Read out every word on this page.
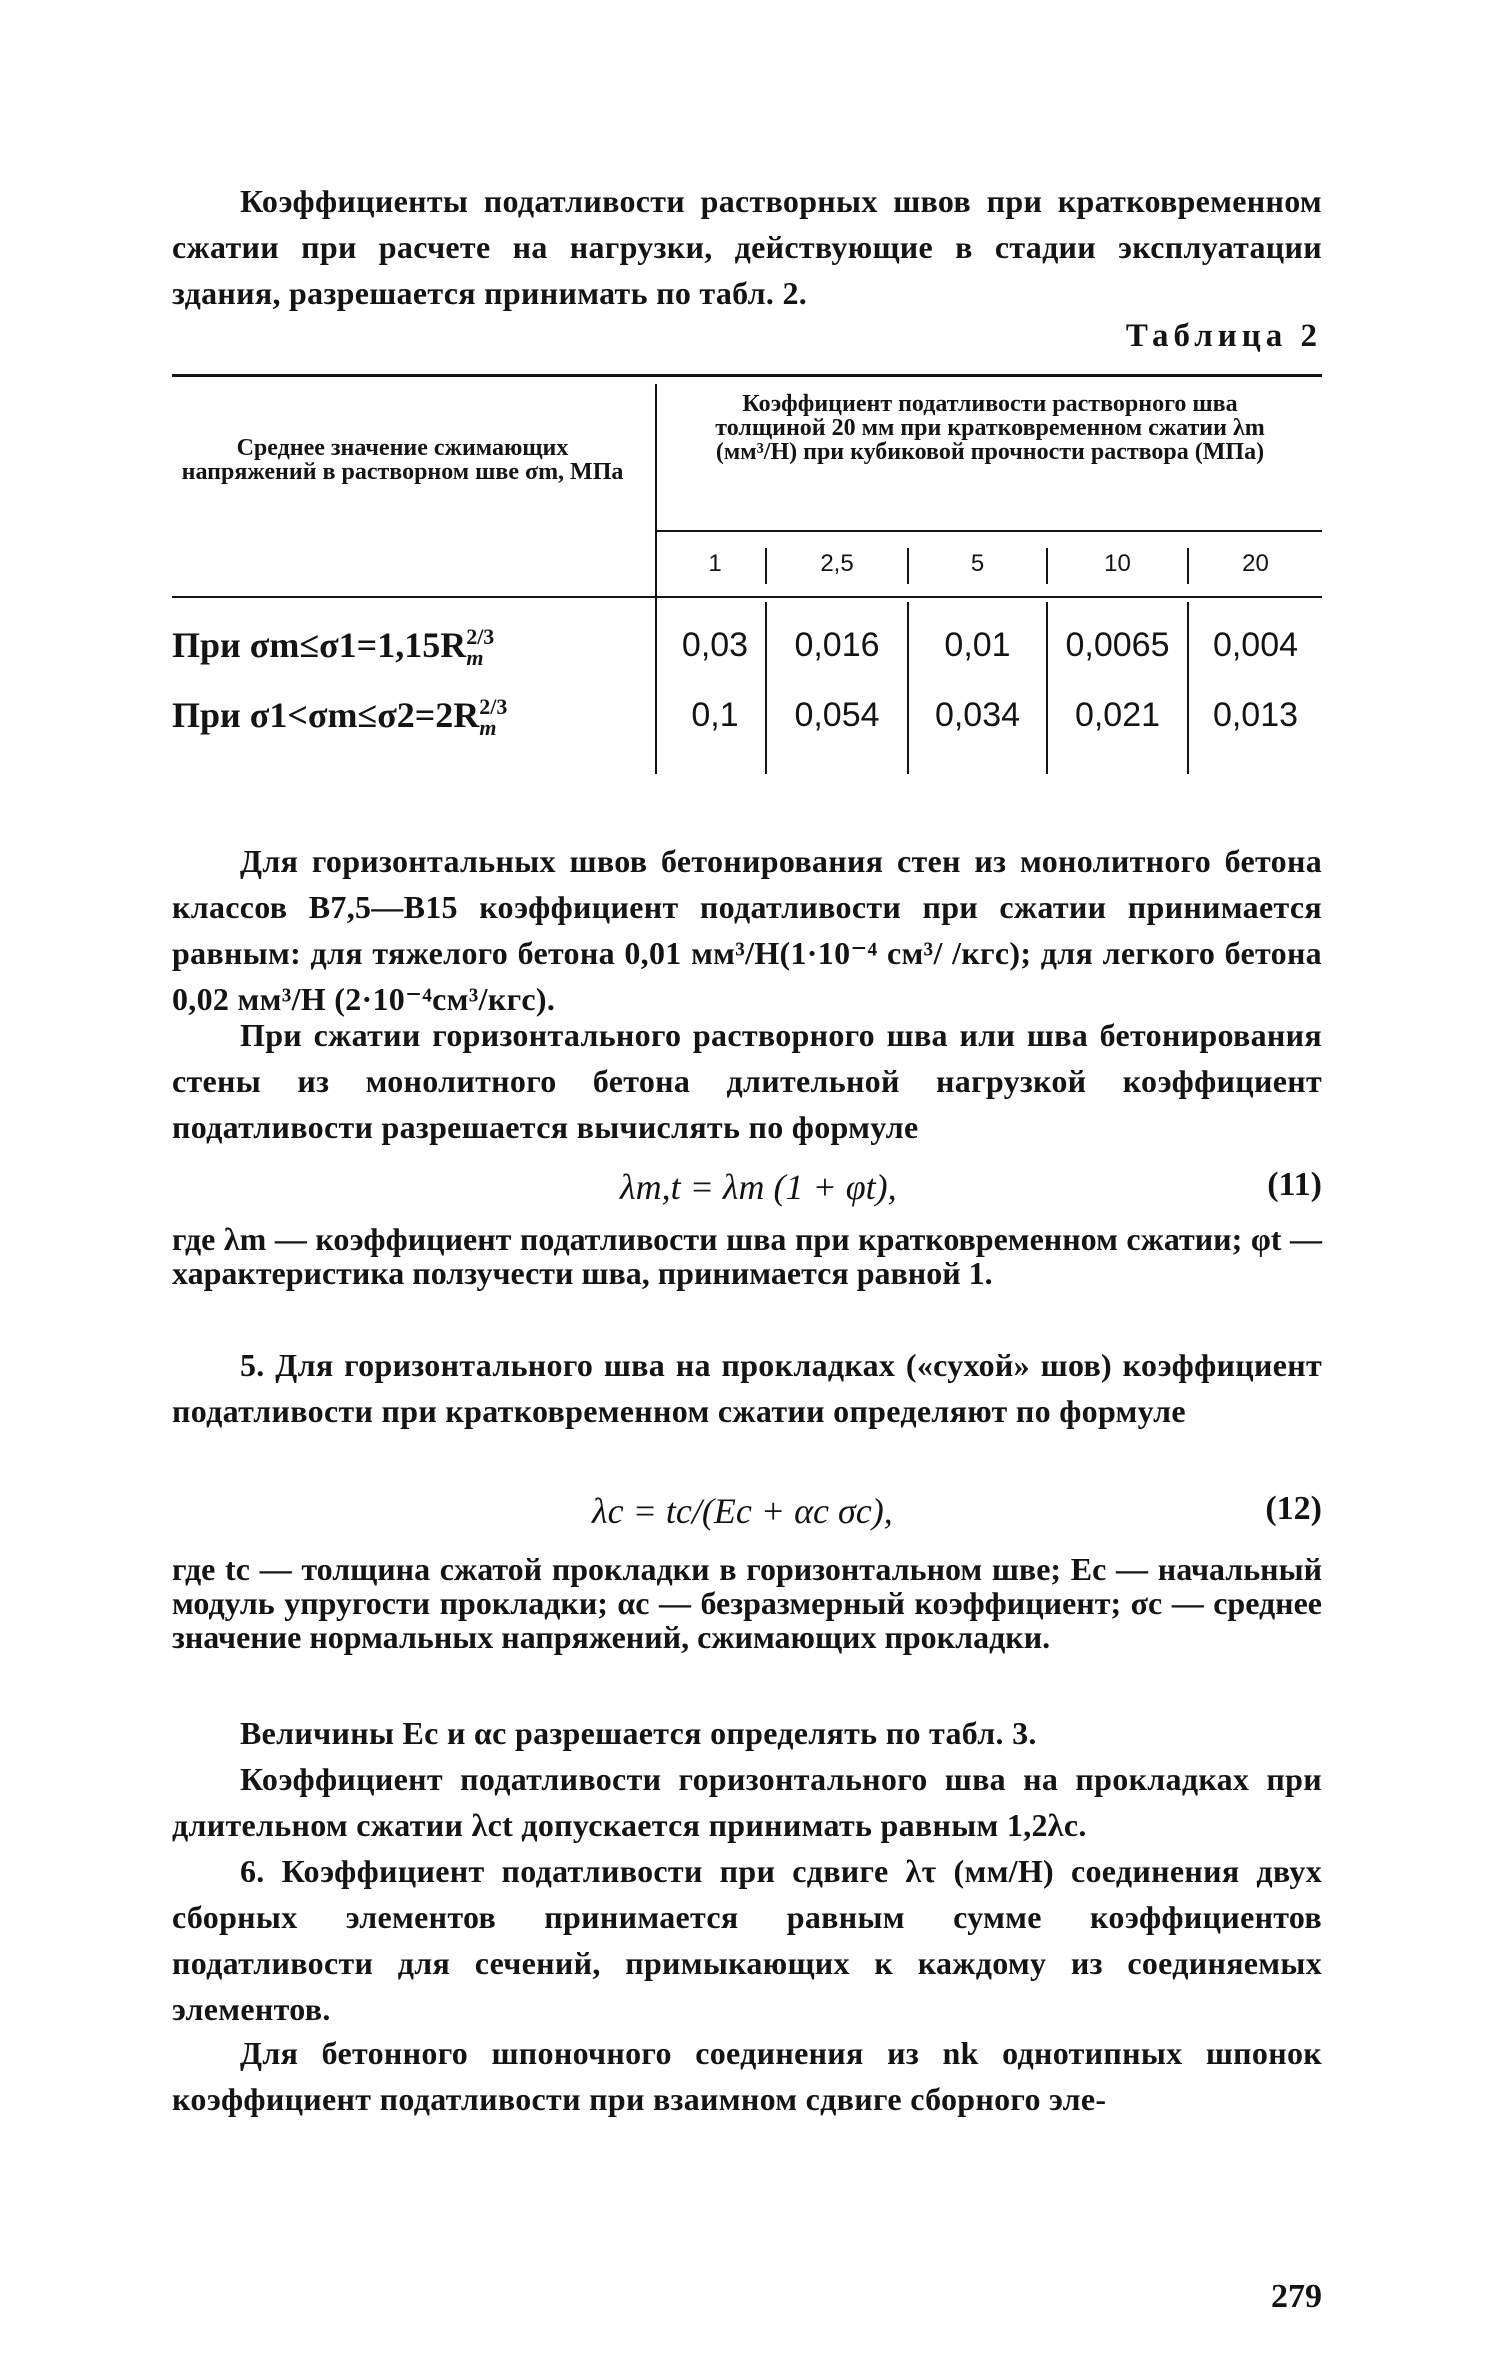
Коэффициенты податливости растворных швов при кратковременном сжатии при расчете на нагрузки, действующие в стадии эксплуатации здания, разрешается принимать по табл. 2.
Таблица 2
Среднее значение сжимающих напряжений в растворном шве σm, МПа
Коэффициент податливости растворного шва толщиной 20 мм при кратковременном сжатии λm (мм³/Н) при кубиковой прочности раствора (МПа)
1	2,5	5	10	20
При $\sigma m\le\sigma 1=1,15R^{2/3}_m$	0,03	0,016	0,01	0,0065	0,004
При $\sigma 1<\sigma m\le\sigma 2=2R^{2/3}_m$	0,1	0,054	0,034	0,021	0,013
Для горизонтальных швов бетонирования стен из монолитного бетона классов В7,5—В15 коэффициент податливости при сжатии принимается равным: для тяжелого бетона 0,01 мм³/Н(1·10⁻⁴ см³/ /кгс); для легкого бетона 0,02 мм³/Н (2·10⁻⁴см³/кгс).
При сжатии горизонтального растворного шва или шва бетонирования стены из монолитного бетона длительной нагрузкой коэффициент податливости разрешается вычислять по формуле
λm,t = λm (1 + φt),	(11)
где λm — коэффициент податливости шва при кратковременном сжатии; φt — характеристика ползучести шва, принимается равной 1.
5. Для горизонтального шва на прокладках («сухой» шов) коэффициент податливости при кратковременном сжатии определяют по формуле
λc = tc/(Ec + αc σc),	(12)
где tc — толщина сжатой прокладки в горизонтальном шве; Ec — начальный модуль упругости прокладки; αc — безразмерный коэффициент; σc — среднее значение нормальных напряжений, сжимающих прокладки.
Величины Ec и αc разрешается определять по табл. 3.
Коэффициент податливости горизонтального шва на прокладках при длительном сжатии λct допускается принимать равным 1,2λc.
6. Коэффициент податливости при сдвиге λτ (мм/Н) соединения двух сборных элементов принимается равным сумме коэффициентов податливости для сечений, примыкающих к каждому из соединяемых элементов.
Для бетонного шпоночного соединения из nk однотипных шпонок коэффициент податливости при взаимном сдвиге сборного эле-
279
